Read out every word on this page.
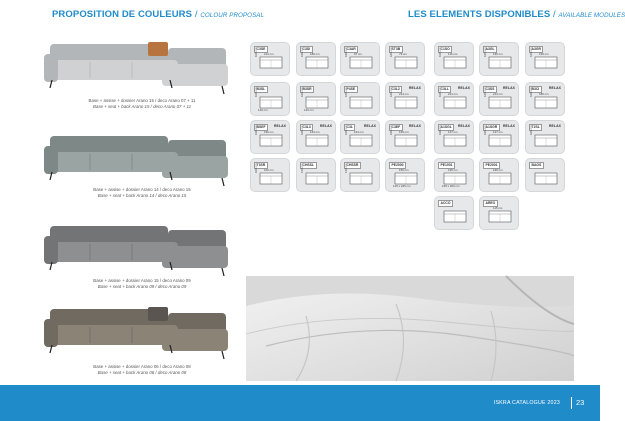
PROPOSITION DE COULEURS / COLOUR PROPOSAL	LES ELEMENTS DISPONIBLES / AVAILABLE MODULES
Base + assise + dossier Arano 15 / deco Arano 07 + 11
Base + seat + back Arano 15 / deco Arano 07 + 11
Base + assise + dossier Arano 14 / deco Arano 15
Base + seat + back Arano 14 / deco Arano 15
Base + assise + dossier Arano 15 / deco Arano 09
Base + seat + back Arano 09 / deco Arano 09
Base + assise + dossier Arano 06 / deco Arano 08
Base + seat + back Arano 06 / deco Arano 08
C3SE
214 cm
100 cm	C3SI
189 cm
100 cm	C3AR
97 cm
100 cm	ST3B
79 cm
100 cm	C1SO
116 cm
100 cm	A3GL
196 cm
100 cm	A3GR
196 cm
100 cm
B3SL
100 cm
140 cm
B3SR
100 cm
140 cm
P4SE
100 cm	C3L2	RELAX
214 cm
100 cm	C3LL	RELAX
214 cm
100 cm	C3SS	RELAX
214 cm
100 cm	B3CI	RELAX
186 cm
100 cm
BSEF	RELAX
190 cm
100 cm	C3L3	RELAX
163 cm
100 cm	C3L	RELAX
163 cm
100 cm	C3EF	RELAX
169 cm
100 cm	A1SGL	RELAX
127 cm
100 cm	A1SGR	RELAX
127 cm
100 cm	T2SL	RELAX
100 cm
T3SR
100 cm
100 cm	CHSSL
160 cm	CHSSR
160 cm	PE2000
156 cm
125 x 225 cm
PE1001
196 cm
155 x 200 cm
PE2001
196 cm
BAGS
ACCO	AREO
115 cm
ISKRA CATALOGUE 2023 23
